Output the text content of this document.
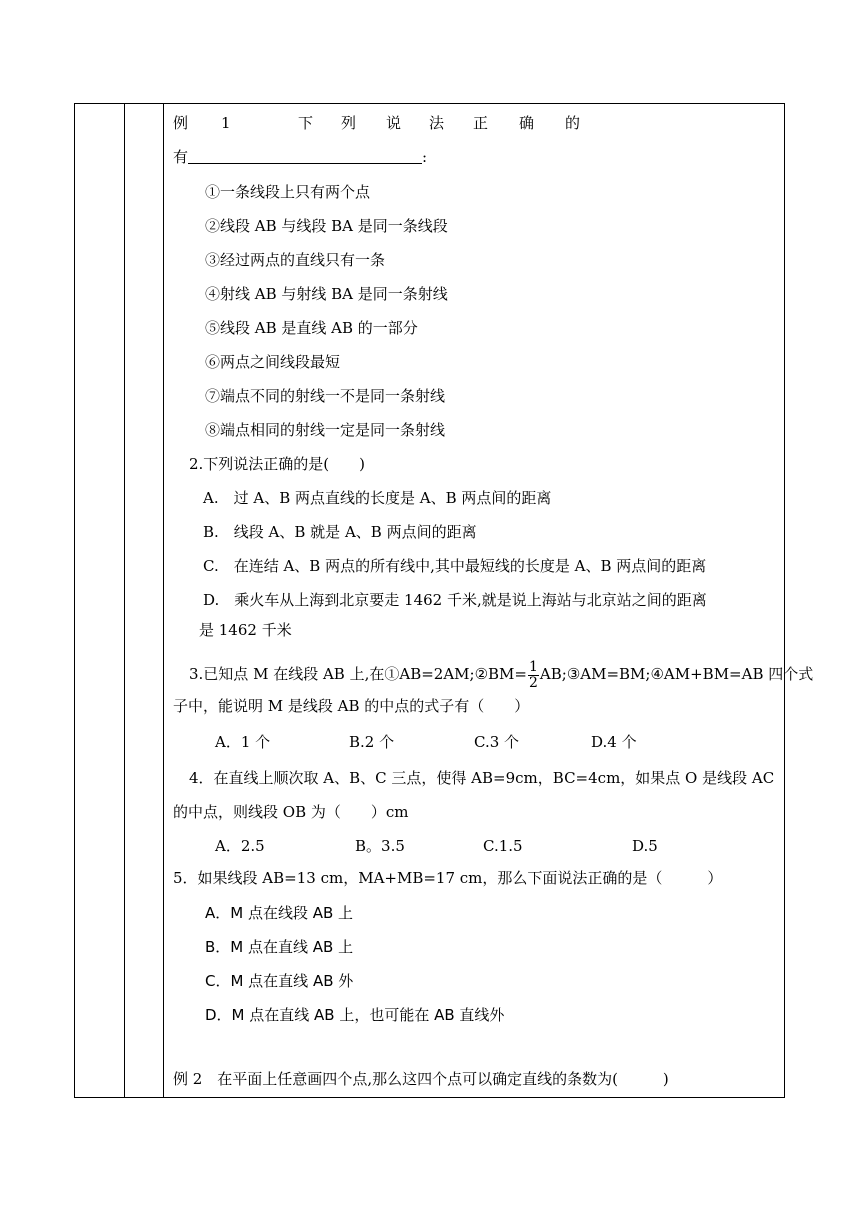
例 1	下 列 说 法 正 确 的
有	:
①一条线段上只有两个点
②线段 AB 与线段 BA 是同一条线段
③经过两点的直线只有一条
④射线 AB 与射线 BA 是同一条射线
⑤线段 AB 是直线 AB 的一部分
⑥两点之间线段最短
⑦端点不同的射线一不是同一条射线
⑧端点相同的射线一定是同一条射线
2.下列说法正确的是(　　)
A.　过 A、B 两点直线的长度是 A、B 两点间的距离
B.　线段 A、B 就是 A、B 两点间的距离
C.　在连结 A、B 两点的所有线中,其中最短线的长度是 A、B 两点间的距离
D.　乘火车从上海到北京要走 1462 千米,就是说上海站与北京站之间的距离
是 1462 千米
3.已知点 M 在线段 AB 上,在①AB=2AM;②BM= $\frac{1}{2}$ AB;③AM=BM;④AM+BM=AB 四个式
子中，能说明 M 是线段 AB 的中点的式子有（　　）
A．1 个	B.2 个	C.3 个	D.4 个
4．在直线上顺次取 A、B、C 三点，使得 AB=9cm，BC=4cm，如果点 O 是线段 AC
的中点，则线段 OB 为（　　）cm
A．2.5	B。3.5	C.1.5	D.5
5．如果线段 AB=13 cm，MA+MB=17 cm，那么下面说法正确的是（　　　）
A．M 点在线段 AB 上
B．M 点在直线 AB 上
C．M 点在直线 AB 外
D．M 点在直线 AB 上，也可能在 AB 直线外
例 2　在平面上任意画四个点,那么这四个点可以确定直线的条数为(　　　)
